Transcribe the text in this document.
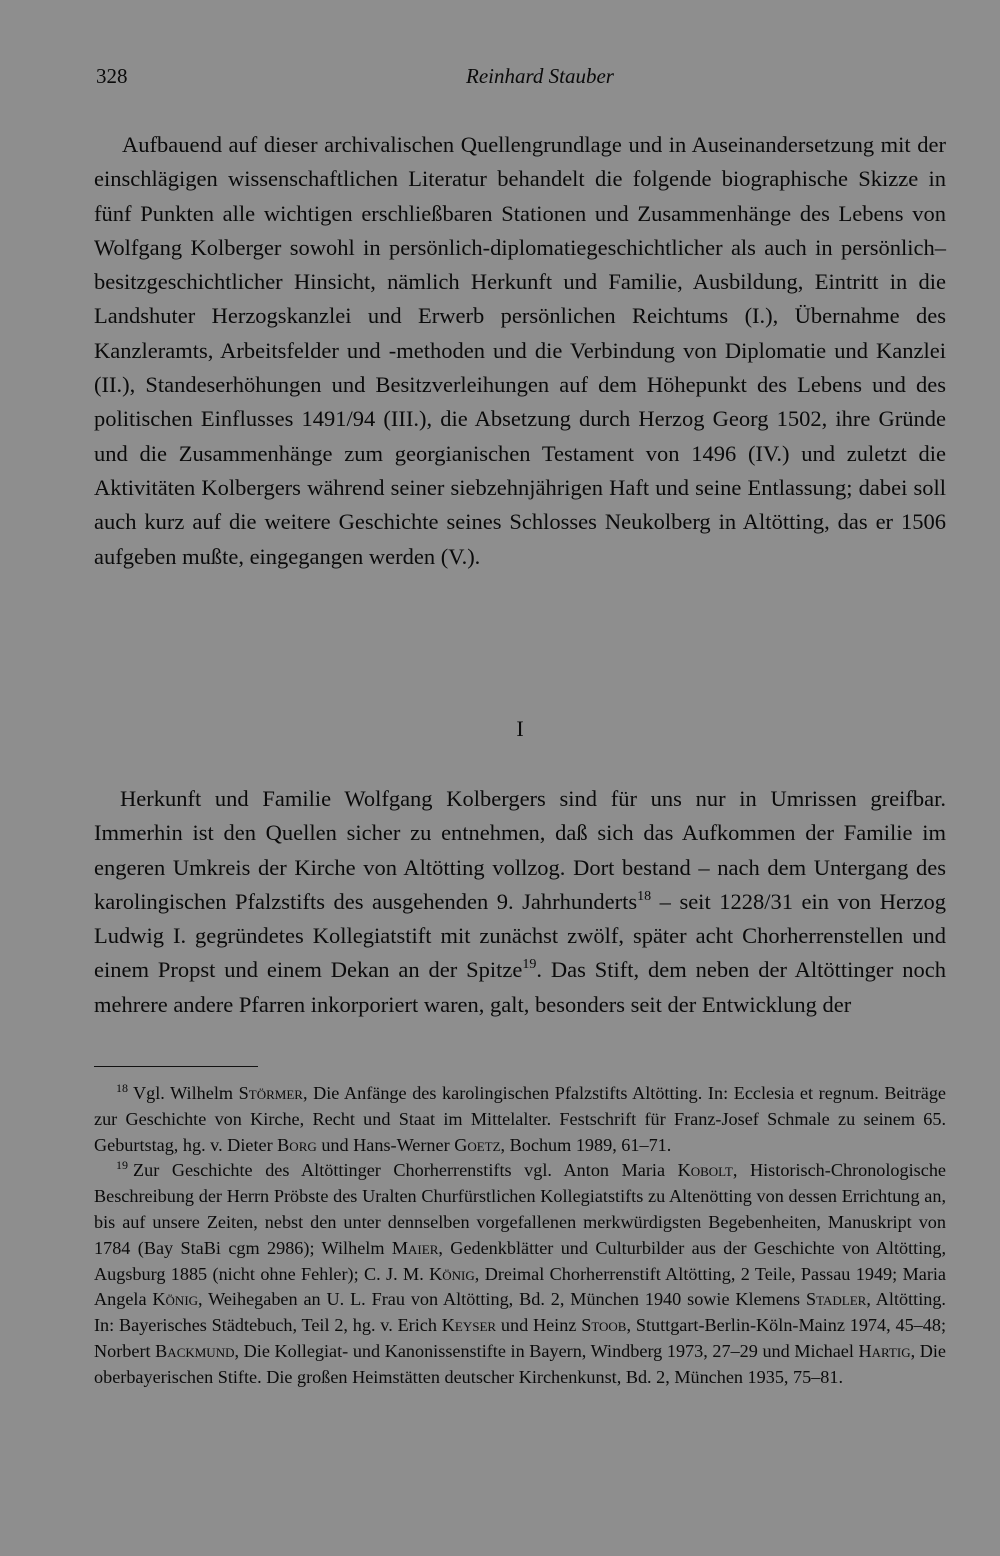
328	Reinhard Stauber

Aufbauend auf dieser archivalischen Quellengrundlage und in Auseinandersetzung mit der einschlägigen wissenschaftlichen Literatur behandelt die folgende biographische Skizze in fünf Punkten alle wichtigen erschließbaren Stationen und Zusammenhänge des Lebens von Wolfgang Kolberger sowohl in persönlich-diplomatiegeschichtlicher als auch in persönlich–besitzgeschichtlicher Hinsicht, nämlich Herkunft und Familie, Ausbildung, Eintritt in die Landshuter Herzogskanzlei und Erwerb persönlichen Reichtums (I.), Übernahme des Kanzleramts, Arbeitsfelder und -methoden und die Verbindung von Diplomatie und Kanzlei (II.), Standeserhöhungen und Besitzverleihungen auf dem Höhepunkt des Lebens und des politischen Einflusses 1491/94 (III.), die Absetzung durch Herzog Georg 1502, ihre Gründe und die Zusammenhänge zum georgianischen Testament von 1496 (IV.) und zuletzt die Aktivitäten Kolbergers während seiner siebzehnjährigen Haft und seine Entlassung; dabei soll auch kurz auf die weitere Geschichte seines Schlosses Neukolberg in Altötting, das er 1506 aufgeben mußte, eingegangen werden (V.).

I

Herkunft und Familie Wolfgang Kolbergers sind für uns nur in Umrissen greifbar. Immerhin ist den Quellen sicher zu entnehmen, daß sich das Aufkommen der Familie im engeren Umkreis der Kirche von Altötting vollzog. Dort bestand – nach dem Untergang des karolingischen Pfalzstifts des ausgehenden 9. Jahrhunderts$^{18}$ – seit 1228/31 ein von Herzog Ludwig I. gegründetes Kollegiatstift mit zunächst zwölf, später acht Chorherrenstellen und einem Propst und einem Dekan an der Spitze$^{19}$. Das Stift, dem neben der Altöttinger noch mehrere andere Pfarren inkorporiert waren, galt, besonders seit der Entwicklung der

$^{18}$ Vgl. Wilhelm Störmer, Die Anfänge des karolingischen Pfalzstifts Altötting. In: Ecclesia et regnum. Beiträge zur Geschichte von Kirche, Recht und Staat im Mittelalter. Festschrift für Franz-Josef Schmale zu seinem 65. Geburtstag, hg. v. Dieter Borg und Hans-Werner Goetz, Bochum 1989, 61–71.

$^{19}$ Zur Geschichte des Altöttinger Chorherrenstifts vgl. Anton Maria Kobolt, Historisch-Chronologische Beschreibung der Herrn Pröbste des Uralten Churfürstlichen Kollegiatstifts zu Altenötting von dessen Errichtung an, bis auf unsere Zeiten, nebst den unter dennselben vorgefallenen merkwürdigsten Begebenheiten, Manuskript von 1784 (Bay StaBi cgm 2986); Wilhelm Maier, Gedenkblätter und Culturbilder aus der Geschichte von Altötting, Augsburg 1885 (nicht ohne Fehler); C. J. M. König, Dreimal Chorherrenstift Altötting, 2 Teile, Passau 1949; Maria Angela König, Weihegaben an U. L. Frau von Altötting, Bd. 2, München 1940 sowie Klemens Stadler, Altötting. In: Bayerisches Städtebuch, Teil 2, hg. v. Erich Keyser und Heinz Stoob, Stuttgart-Berlin-Köln-Mainz 1974, 45–48; Norbert Backmund, Die Kollegiat- und Kanonissenstifte in Bayern, Windberg 1973, 27–29 und Michael Hartig, Die oberbayerischen Stifte. Die großen Heimstätten deutscher Kirchenkunst, Bd. 2, München 1935, 75–81.
